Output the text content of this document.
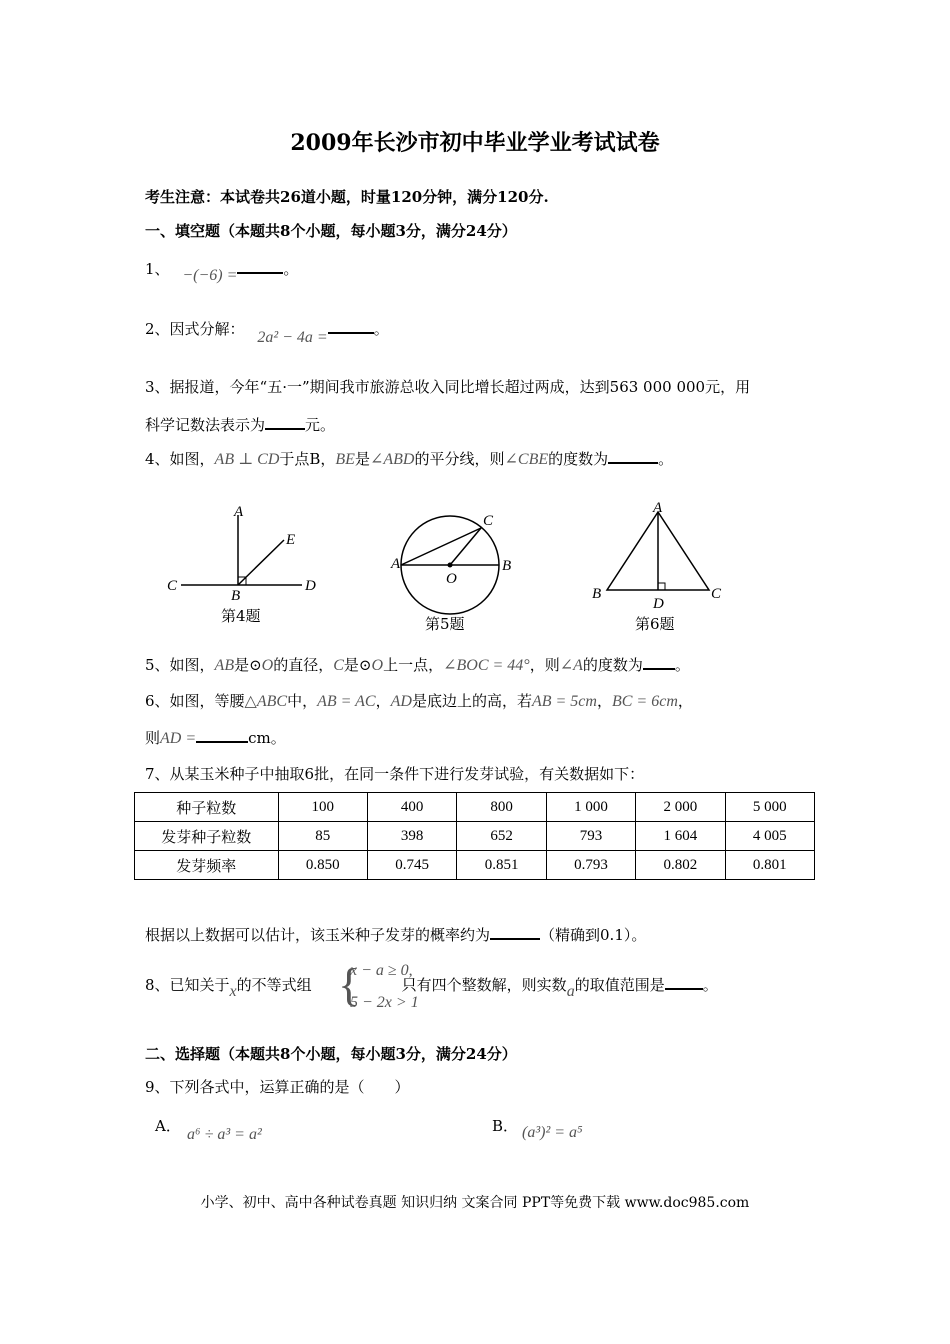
2009年长沙市初中毕业学业考试试卷
考生注意：本试卷共26道小题，时量120分钟，满分120分.
一、填空题（本题共8个小题，每小题3分，满分24分）
1、 −(−6) =	。
2、因式分解： 2a² − 4a =	。
3、据报道，今年“五·一”期间我市旅游总收入同比增长超过两成，达到563 000 000元，用
科学记数法表示为	元。
4、如图，AB ⊥ CD于点B，BE是∠ABD的平分线，则∠CBE的度数为	。
A
B
C	D
E
A	B
C
O
A
B	C
D
第4题	第5题	第6题
5、如图，AB是⊙O的直径，C是⊙O上一点，∠BOC = 44°，则∠A的度数为 。
6、如图，等腰△ABC中，AB = AC，AD是底边上的高，若AB = 5cm，BC = 6cm，
则AD =	cm。
7、从某玉米种子中抽取6批，在同一条件下进行发芽试验，有关数据如下：
种子粒数	100	400	800	1 000	2 000	5 000
发芽种子粒数	85	398	652	793	1 604	4 005
发芽频率	0.850	0.745	0.851	0.793	0.802	0.801
根据以上数据可以估计，该玉米种子发芽的概率约为	（精确到0.1）。
8、已知关于x的不等式组	只有四个整数解，则实数a的取值范围是	。
{
x − a ≥ 0,
5 − 2x > 1
二、选择题（本题共8个小题，每小题3分，满分24分）
9、下列各式中，运算正确的是（　　）
A． a⁶ ÷ a³ = a²	B． (a³)² = a⁵
小学、初中、高中各种试卷真题 知识归纳 文案合同 PPT等免费下载 www.doc985.com
